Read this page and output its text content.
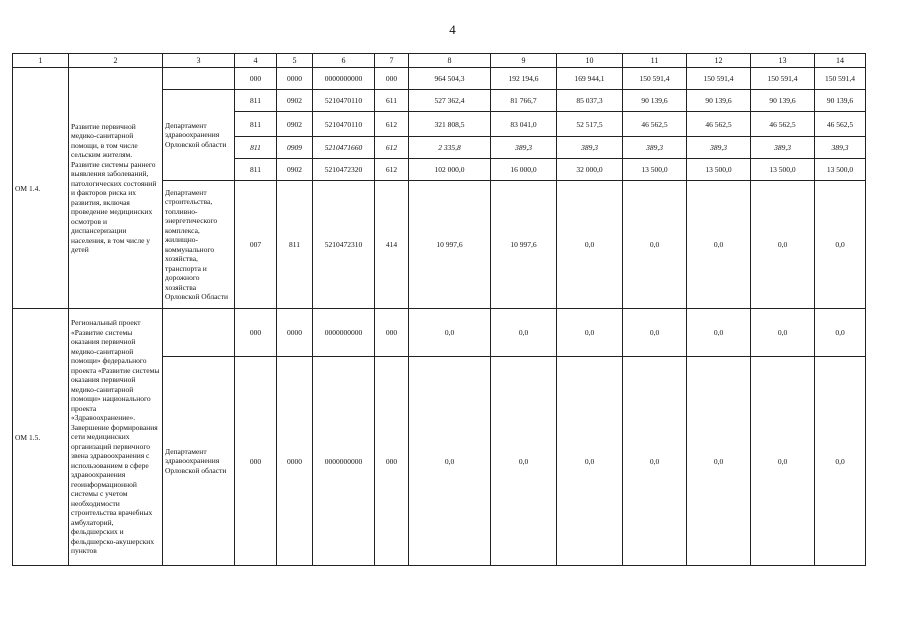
4
1	2	3	4	5	6	7	8	9	10	11	12	13	14
ОМ 1.4.	Развитие первичной медико-санитарной помощи, в том числе сельским жителям. Развитие системы раннего выявления заболеваний, патологических состояний и факторов риска их развития, включая проведение медицинских осмотров и диспансеризации населения, в том числе у детей		000	0000	0000000000	000	964 504,3	192 194,6	169 944,1	150 591,4	150 591,4	150 591,4	150 591,4
		Департамент здравоохранения Орловской области	811	0902	5210470110	611	527 362,4	81 766,7	85 037,3	90 139,6	90 139,6	90 139,6	90 139,6
			811	0902	5210470110	612	321 808,5	83 041,0	52 517,5	46 562,5	46 562,5	46 562,5	46 562,5
			811	0909	5210471660	612	2 335,8	389,3	389,3	389,3	389,3	389,3	389,3
			811	0902	5210472320	612	102 000,0	16 000,0	32 000,0	13 500,0	13 500,0	13 500,0	13 500,0
		Департамент строительства, топливно-энергетического комплекса, жилищно-коммунального хозяйства, транспорта и дорожного хозяйства Орловской Области	007	811	5210472310	414	10 997,6	10 997,6	0,0	0,0	0,0	0,0	0,0
ОМ 1.5.	Региональный проект «Развитие системы оказания первичной медико-санитарной помощи» федерального проекта «Развитие системы оказания первичной медико-санитарной помощи» национального проекта «Здравоохранение». Завершение формирования сети медицинских организаций первичного звена здравоохранения с использованием в сфере здравоохранения геоинформационной системы с учетом необходимости строительства врачебных амбулаторий, фельдшерских и фельдшерско-акушерских пунктов		000	0000	0000000000	000	0,0	0,0	0,0	0,0	0,0	0,0	0,0
		Департамент здравоохранения Орловской области	000	0000	0000000000	000	0,0	0,0	0,0	0,0	0,0	0,0	0,0
